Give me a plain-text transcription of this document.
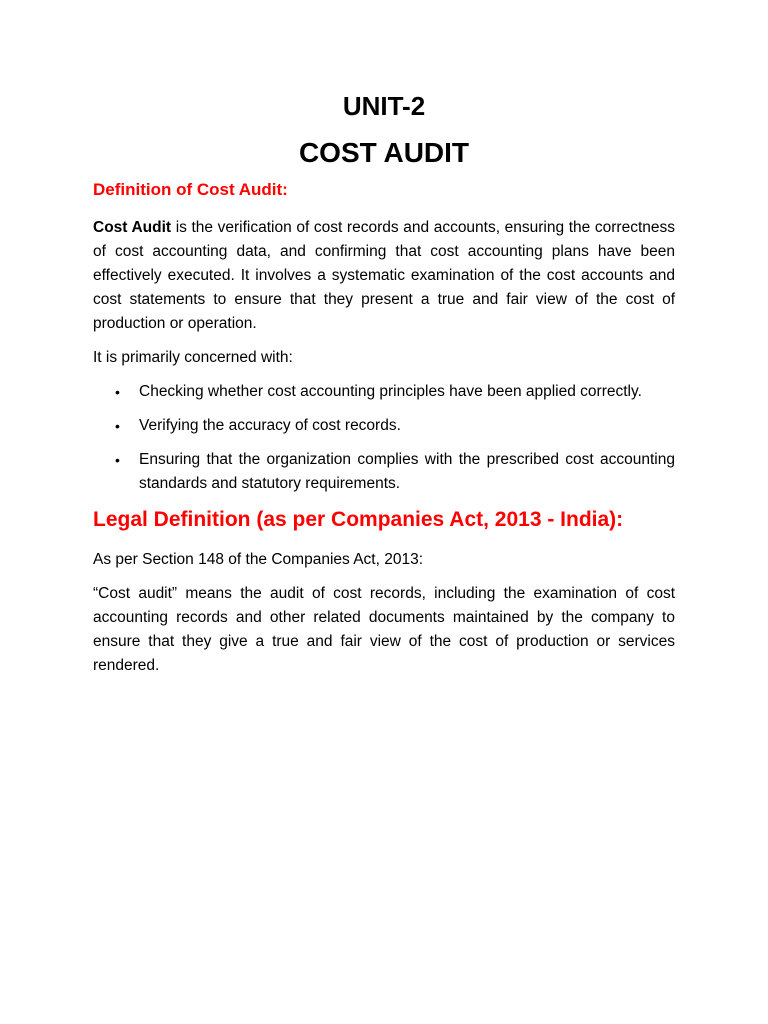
UNIT-2
COST AUDIT
Definition of Cost Audit:

Cost Audit is the verification of cost records and accounts, ensuring the correctness of cost accounting data, and confirming that cost accounting plans have been effectively executed. It involves a systematic examination of the cost accounts and cost statements to ensure that they present a true and fair view of the cost of production or operation.

It is primarily concerned with:

• Checking whether cost accounting principles have been applied correctly.
• Verifying the accuracy of cost records.
• Ensuring that the organization complies with the prescribed cost accounting standards and statutory requirements.
Legal Definition (as per Companies Act, 2013 - India):

As per Section 148 of the Companies Act, 2013:

“Cost audit” means the audit of cost records, including the examination of cost accounting records and other related documents maintained by the company to ensure that they give a true and fair view of the cost of production or services rendered.
